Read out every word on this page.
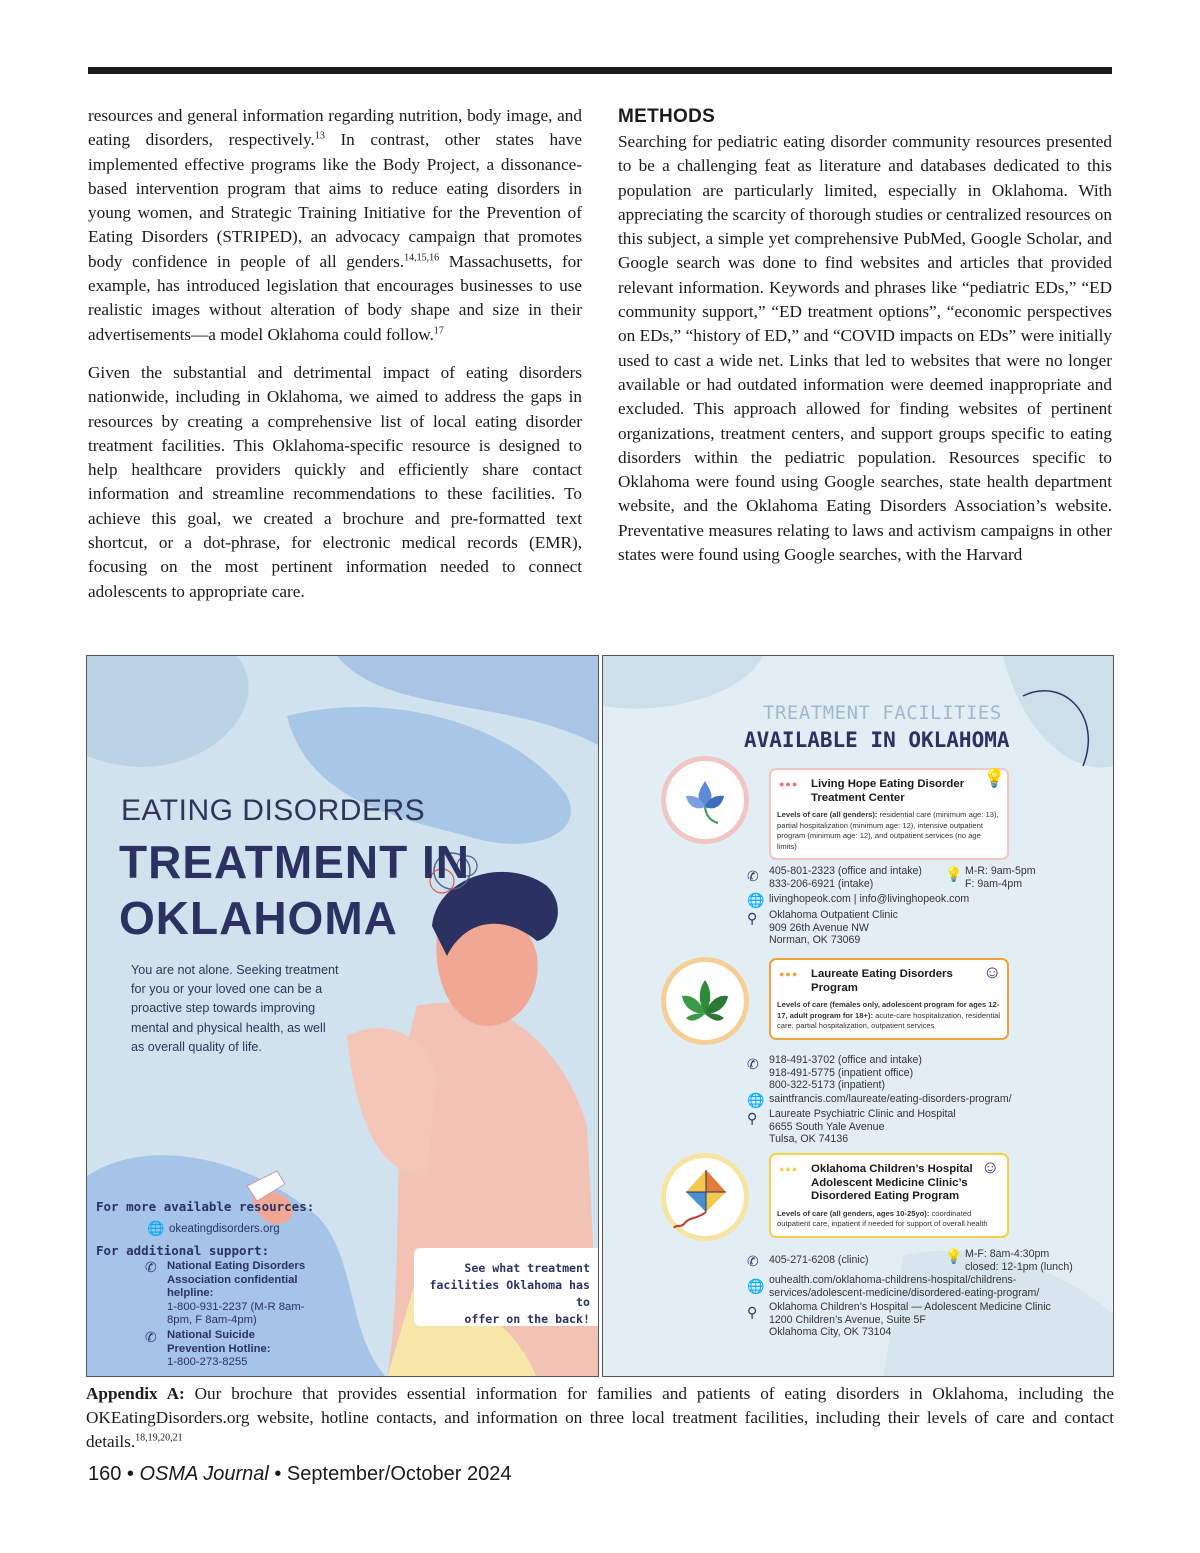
resources and general information regarding nutrition, body image, and eating disorders, respectively.$^{13}$ In contrast, other states have implemented effective programs like the Body Project, a dissonance-based intervention program that aims to reduce eating disorders in young women, and Strategic Training Initiative for the Prevention of Eating Disorders (STRIPED), an advocacy campaign that promotes body confidence in people of all genders.$^{14,15,16}$ Massachusetts, for example, has introduced legislation that encourages businesses to use realistic images without alteration of body shape and size in their advertisements—a model Oklahoma could follow.$^{17}$

Given the substantial and detrimental impact of eating disorders nationwide, including in Oklahoma, we aimed to address the gaps in resources by creating a comprehensive list of local eating disorder treatment facilities. This Oklahoma-specific resource is designed to help healthcare providers quickly and efficiently share contact information and streamline recommendations to these facilities. To achieve this goal, we created a brochure and pre-formatted text shortcut, or a dot-phrase, for electronic medical records (EMR), focusing on the most pertinent information needed to connect adolescents to appropriate care.

METHODS

Searching for pediatric eating disorder community resources presented to be a challenging feat as literature and databases dedicated to this population are particularly limited, especially in Oklahoma. With appreciating the scarcity of thorough studies or centralized resources on this subject, a simple yet comprehensive PubMed, Google Scholar, and Google search was done to find websites and articles that provided relevant information. Keywords and phrases like “pediatric EDs,” “ED community support,” “ED treatment options”, “economic perspectives on EDs,” “history of ED,” and “COVID impacts on EDs” were initially used to cast a wide net. Links that led to websites that were no longer available or had outdated information were deemed inappropriate and excluded. This approach allowed for finding websites of pertinent organizations, treatment centers, and support groups specific to eating disorders within the pediatric population. Resources specific to Oklahoma were found using Google searches, state health department website, and the Oklahoma Eating Disorders Association’s website. Preventative measures relating to laws and activism campaigns in other states were found using Google searches, with the Harvard

EATING DISORDERS
TREATMENT IN
OKLAHOMA
You are not alone. Seeking treatment for you or your loved one can be a proactive step towards improving mental and physical health, as well as overall quality of life.
For more available resources:
🌐 okeatingdisorders.org
For additional support:
✆ National Eating Disorders Association confidential helpline:
1-800-931-2237 (M-R 8am-8pm, F 8am-4pm)
✆ National Suicide Prevention Hotline:
1-800-273-8255
See what treatment
facilities Oklahoma has to
offer on the back!
TREATMENT FACILITIES
AVAILABLE IN OKLAHOMA
●●● Living Hope Eating Disorder Treatment Center
Levels of care (all genders): residential care (minimum age: 13), partial hospitalization (minimum age: 12), intensive outpatient program (minimum age: 12), and outpatient services (no age limits)
💡
✆ 405-801-2323 (office and intake)
833-206-6921 (intake)
💡 M-R: 9am-5pm
F: 9am-4pm
🌐 livinghopeok.com | info@livinghopeok.com
⚲ Oklahoma Outpatient Clinic
909 26th Avenue NW
Norman, OK 73069
●●● Laureate Eating Disorders Program
Levels of care (females only, adolescent program for ages 12-17, adult program for 18+): acute-care hospitalization, residential care, partial hospitalization, outpatient services
☺
✆ 918-491-3702 (office and intake)
918-491-5775 (inpatient office)
800-322-5173 (inpatient)
🌐 saintfrancis.com/laureate/eating-disorders-program/
⚲ Laureate Psychiatric Clinic and Hospital
6655 South Yale Avenue
Tulsa, OK 74136
●●● Oklahoma Children’s Hospital Adolescent Medicine Clinic’s Disordered Eating Program
Levels of care (all genders, ages 10-25yo): coordinated outpatient care, inpatient if needed for support of overall health
☺
✆ 405-271-6208 (clinic)	💡 M-F: 8am-4:30pm
closed: 12-1pm (lunch)
🌐 ouhealth.com/oklahoma-childrens-hospital/childrens-
services/adolescent-medicine/disordered-eating-program/
⚲ Oklahoma Children’s Hospital — Adolescent Medicine Clinic
1200 Children’s Avenue, Suite 5F
Oklahoma City, OK 73104
Appendix A: Our brochure that provides essential information for families and patients of eating disorders in Oklahoma, including the OKEatingDisorders.org website, hotline contacts, and information on three local treatment facilities, including their levels of care and contact details.$^{18,19,20,21}$
160 • OSMA Journal • September/October 2024
